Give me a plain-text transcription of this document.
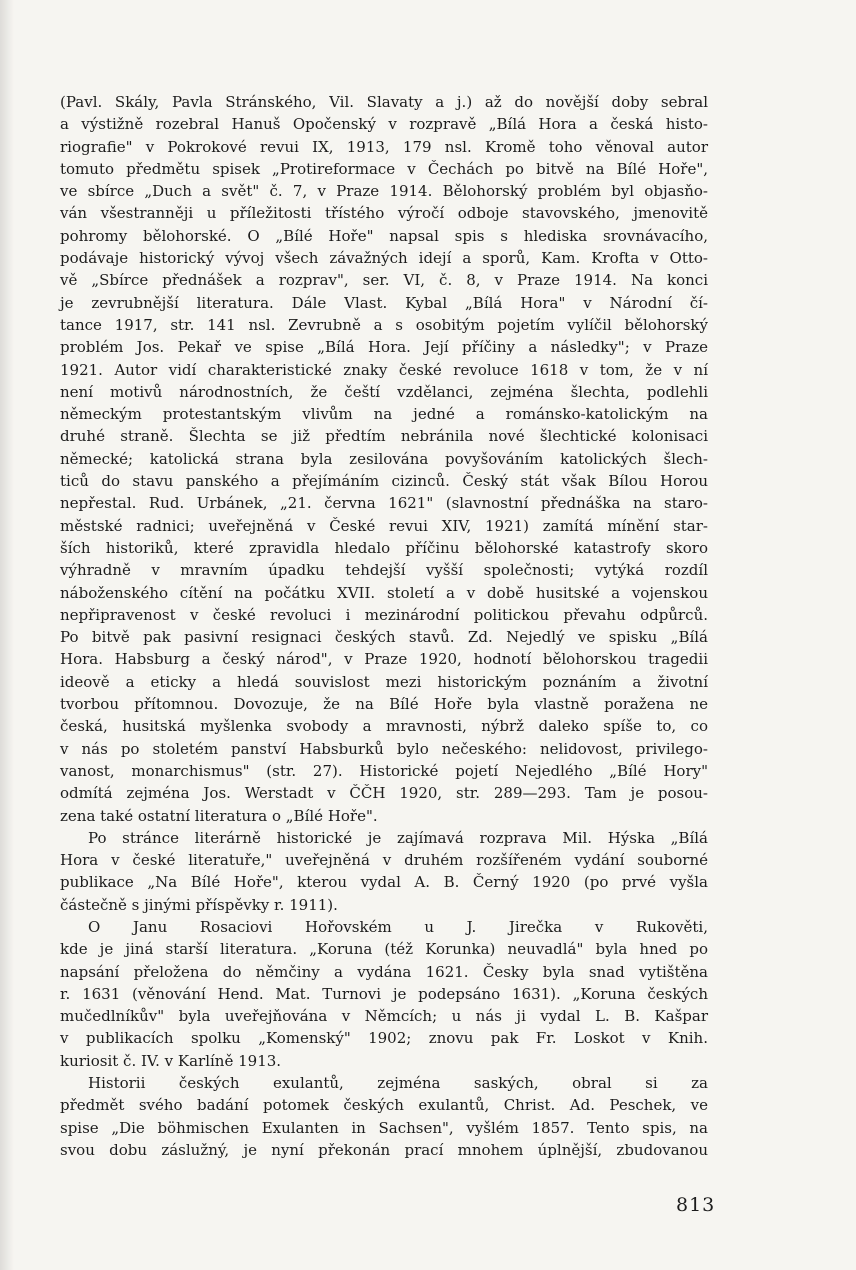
(Pavl. Skály, Pavla Stránského, Vil. Slavaty a j.) až do novější doby sebral
a výstižně rozebral Hanuš Opočenský v rozpravě „Bílá Hora a česká histo-
riografie" v Pokrokové revui IX, 1913, 179 nsl. Kromě toho věnoval autor
tomuto předmětu spisek „Protireformace v Čechách po bitvě na Bílé Hoře",
ve sbírce „Duch a svět" č. 7, v Praze 1914. Bělohorský problém byl objasňo-
ván všestranněji u příležitosti třístého výročí odboje stavovského, jmenovitě
pohromy bělohorské. O „Bílé Hoře" napsal spis s hlediska srovnávacího,
podávaje historický vývoj všech závažných idejí a sporů, Kam. Krofta v Otto-
vě „Sbírce přednášek a rozprav", ser. VI, č. 8, v Praze 1914. Na konci
je zevrubnější literatura. Dále Vlast. Kybal „Bílá Hora" v Národní čí-
tance 1917, str. 141 nsl. Zevrubně a s osobitým pojetím vylíčil bělohorský
problém Jos. Pekař ve spise „Bílá Hora. Její příčiny a následky"; v Praze
1921. Autor vidí charakteristické znaky české revoluce 1618 v tom, že v ní
není motivů národnostních, že čeští vzdělanci, zejména šlechta, podlehli
německým protestantským vlivům na jedné a románsko-katolickým na
druhé straně. Šlechta se již předtím nebránila nové šlechtické kolonisaci
německé; katolická strana byla zesilována povyšováním katolických šlech-
ticů do stavu panského a přejímáním cizinců. Český stát však Bílou Horou
nepřestal. Rud. Urbánek, „21. června 1621" (slavnostní přednáška na staro-
městské radnici; uveřejněná v České revui XIV, 1921) zamítá mínění star-
ších historiků, které zpravidla hledalo příčinu bělohorské katastrofy skoro
výhradně v mravním úpadku tehdejší vyšší společnosti; vytýká rozdíl
náboženského cítění na počátku XVII. století a v době husitské a vojenskou
nepřipravenost v české revoluci i mezinárodní politickou převahu odpůrců.
Po bitvě pak pasivní resignaci českých stavů. Zd. Nejedlý ve spisku „Bílá
Hora. Habsburg a český národ", v Praze 1920, hodnotí bělohorskou tragedii
ideově a eticky a hledá souvislost mezi historickým poznáním a životní
tvorbou přítomnou. Dovozuje, že na Bílé Hoře byla vlastně poražena ne
česká, husitská myšlenka svobody a mravnosti, nýbrž daleko spíše to, co
v nás po stoletém panství Habsburků bylo nečeského: nelidovost, privilego-
vanost, monarchismus" (str. 27). Historické pojetí Nejedlého „Bílé Hory"
odmítá zejména Jos. Werstadt v ČČH 1920, str. 289—293. Tam je posou-
zena také ostatní literatura o „Bílé Hoře".
Po stránce literárně historické je zajímavá rozprava Mil. Hýska „Bílá
Hora v české literatuře," uveřejněná v druhém rozšířeném vydání souborné
publikace „Na Bílé Hoře", kterou vydal A. B. Černý 1920 (po prvé vyšla
částečně s jinými příspěvky r. 1911).
O Janu Rosaciovi Hořovském u J. Jirečka v Rukověti,
kde je jiná starší literatura. „Koruna (též Korunka) neuvadlá" byla hned po
napsání přeložena do němčiny a vydána 1621. Česky byla snad vytištěna
r. 1631 (věnování Hend. Mat. Turnovi je podepsáno 1631). „Koruna českých
mučedlníkův" byla uveřejňována v Němcích; u nás ji vydal L. B. Kašpar
v publikacích spolku „Komenský" 1902; znovu pak Fr. Loskot v Knih.
kuriosit č. IV. v Karlíně 1913.
Historii českých exulantů, zejména saských, obral si za
předmět svého badání potomek českých exulantů, Christ. Ad. Peschek, ve
spise „Die böhmischen Exulanten in Sachsen", vyšlém 1857. Tento spis, na
svou dobu záslužný, je nyní překonán prací mnohem úplnější, zbudovanou
813
